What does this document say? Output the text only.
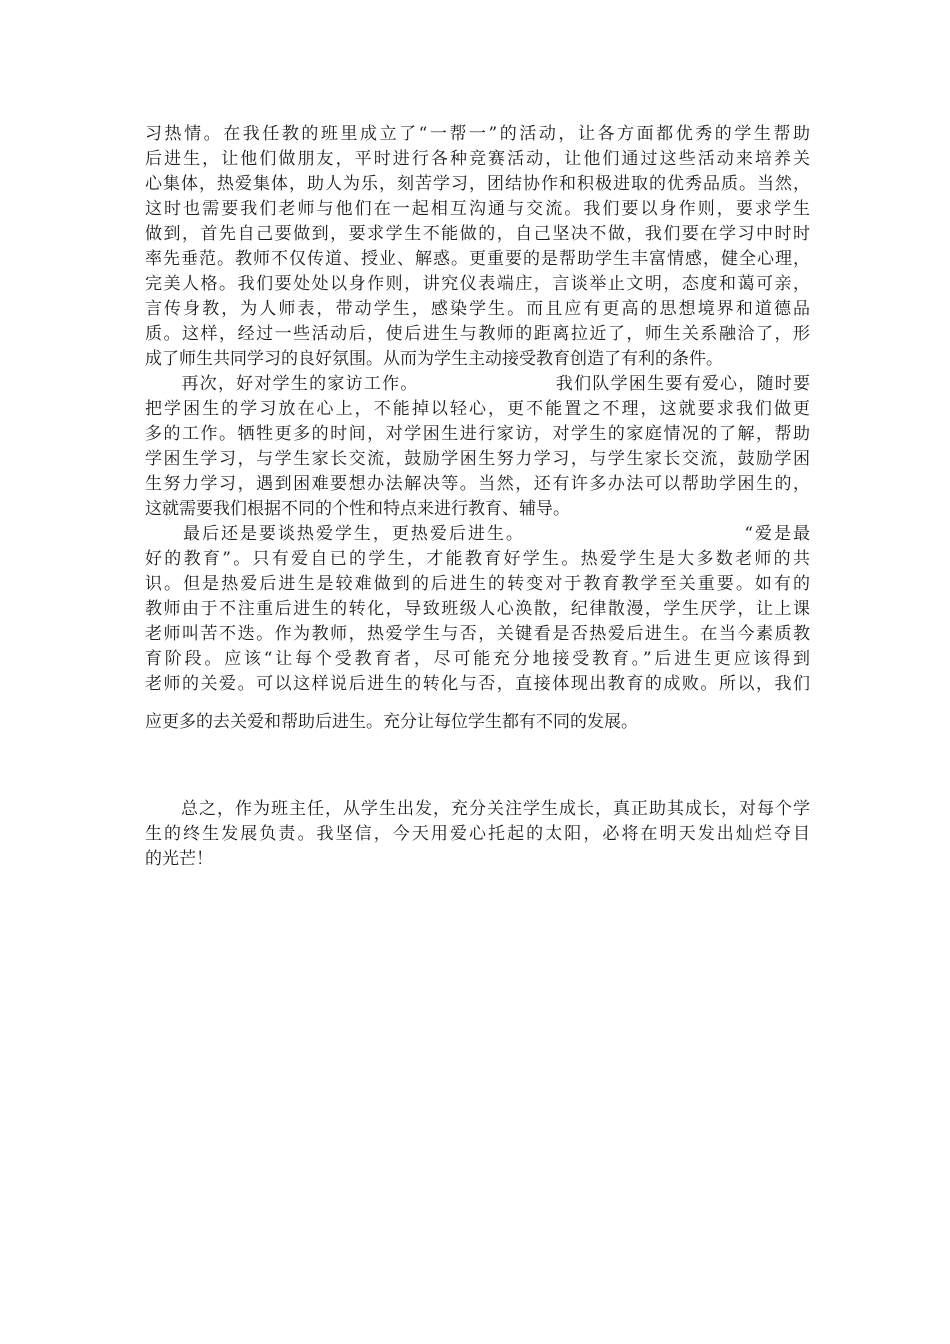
习热情。在我任教的班里成立了“一帮一”的活动，让各方面都优秀的学生帮助
后进生，让他们做朋友，平时进行各种竞赛活动，让他们通过这些活动来培养关
心集体，热爱集体，助人为乐，刻苦学习，团结协作和积极进取的优秀品质。当然，
这时也需要我们老师与他们在一起相互沟通与交流。我们要以身作则，要求学生
做到，首先自己要做到，要求学生不能做的，自己坚决不做，我们要在学习中时时
率先垂范。教师不仅传道、授业、解惑。更重要的是帮助学生丰富情感，健全心理，
完美人格。我们要处处以身作则，讲究仪表端庄，言谈举止文明，态度和蔼可亲，
言传身教，为人师表，带动学生，感染学生。而且应有更高的思想境界和道德品
质。这样，经过一些活动后，使后进生与教师的距离拉近了，师生关系融洽了，形
成了师生共同学习的良好氛围。从而为学生主动接受教育创造了有利的条件。
　　再次，好对学生的家访工作。　　　　　　　　我们队学困生要有爱心，随时要
把学困生的学习放在心上，不能掉以轻心，更不能置之不理，这就要求我们做更
多的工作。牺牲更多的时间，对学困生进行家访，对学生的家庭情况的了解，帮助
学困生学习，与学生家长交流，鼓励学困生努力学习，与学生家长交流，鼓励学困
生努力学习，遇到困难要想办法解决等。当然，还有许多办法可以帮助学困生的，
这就需要我们根据不同的个性和特点来进行教育、辅导。
　　最后还是要谈热爱学生，更热爱后进生。　　　　　　　　　　　　“爱是最
好的教育”。只有爱自已的学生，才能教育好学生。热爱学生是大多数老师的共
识。但是热爱后进生是较难做到的后进生的转变对于教育教学至关重要。如有的
教师由于不注重后进生的转化，导致班级人心涣散，纪律散漫，学生厌学，让上课
老师叫苦不迭。作为教师，热爱学生与否，关键看是否热爱后进生。在当今素质教
育阶段。应该“让每个受教育者，尽可能充分地接受教育。”后进生更应该得到
老师的关爱。可以这样说后进生的转化与否，直接体现出教育的成败。所以，我们
应更多的去关爱和帮助后进生。充分让每位学生都有不同的发展。
　　总之，作为班主任，从学生出发，充分关注学生成长，真正助其成长，对每个学
生的终生发展负责。我坚信，今天用爱心托起的太阳，必将在明天发出灿烂夺目
的光芒！
